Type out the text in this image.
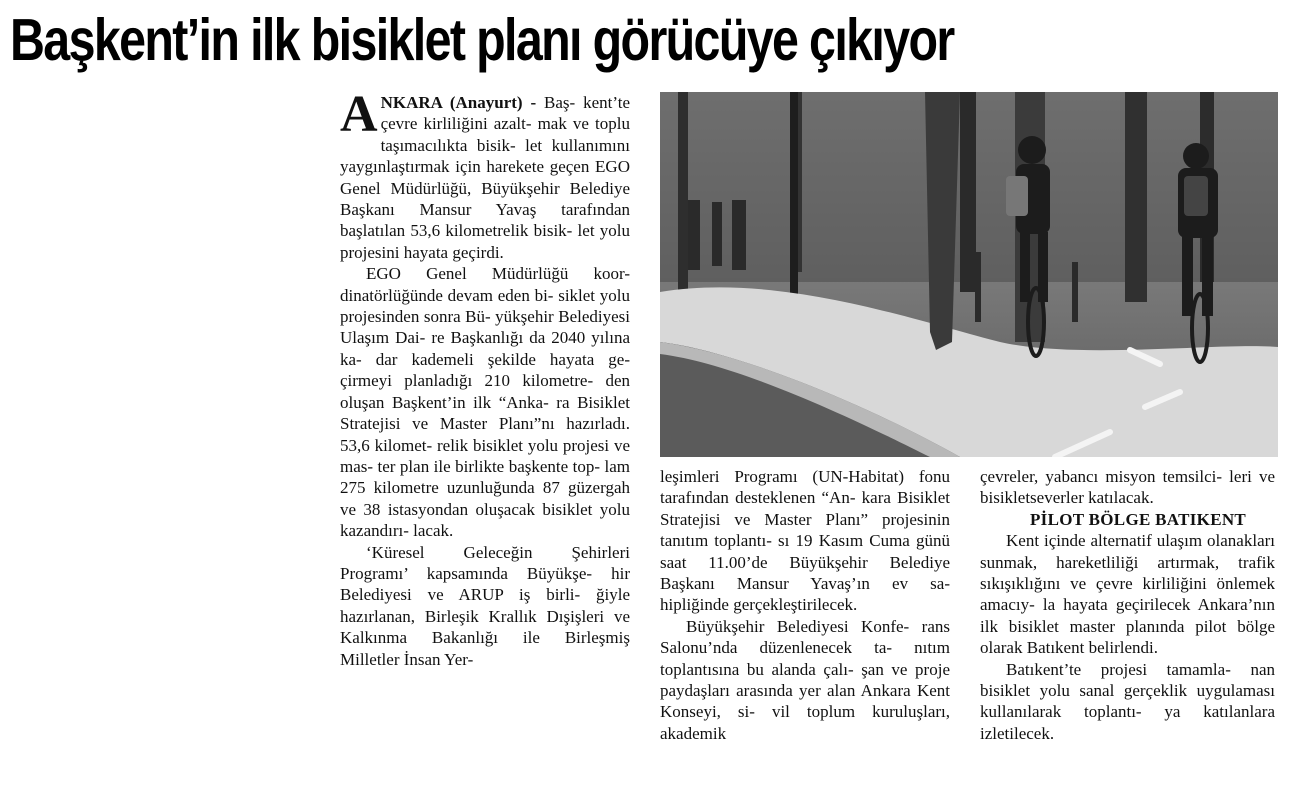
Başkent’in ilk bisiklet planı görücüye çıkıyor

A NKARA (Anayurt) - Baş- kent’te çevre kirliliğini azalt- mak ve toplu taşımacılıkta bisik- let kullanımını yaygınlaştırmak için harekete geçen EGO Genel Müdürlüğü, Büyükşehir Belediye Başkanı Mansur Yavaş tarafından başlatılan 53,6 kilometrelik bisik- let yolu projesini hayata geçirdi.

EGO Genel Müdürlüğü koor- dinatörlüğünde devam eden bi- siklet yolu projesinden sonra Bü- yükşehir Belediyesi Ulaşım Dai- re Başkanlığı da 2040 yılına ka- dar kademeli şekilde hayata ge- çirmeyi planladığı 210 kilometre- den oluşan Başkent’in ilk “Anka- ra Bisiklet Stratejisi ve Master Planı”nı hazırladı. 53,6 kilomet- relik bisiklet yolu projesi ve mas- ter plan ile birlikte başkente top- lam 275 kilometre uzunluğunda 87 güzergah ve 38 istasyondan oluşacak bisiklet yolu kazandırı- lacak.

‘Küresel Geleceğin Şehirleri Programı’ kapsamında Büyükşe- hir Belediyesi ve ARUP iş birli- ğiyle hazırlanan, Birleşik Krallık Dışişleri ve Kalkınma Bakanlığı ile Birleşmiş Milletler İnsan Yer-

leşimleri Programı (UN-Habitat) fonu tarafından desteklenen “An- kara Bisiklet Stratejisi ve Master Planı” projesinin tanıtım toplantı- sı 19 Kasım Cuma günü saat 11.00’de Büyükşehir Belediye Başkanı Mansur Yavaş’ın ev sa- hipliğinde gerçekleştirilecek.

Büyükşehir Belediyesi Konfe- rans Salonu’nda düzenlenecek ta- nıtım toplantısına bu alanda çalı- şan ve proje paydaşları arasında yer alan Ankara Kent Konseyi, si- vil toplum kuruluşları, akademik

çevreler, yabancı misyon temsilci- leri ve bisikletseverler katılacak.

PİLOT BÖLGE BATIKENT

Kent içinde alternatif ulaşım olanakları sunmak, hareketliliği artırmak, trafik sıkışıklığını ve çevre kirliliğini önlemek amacıy- la hayata geçirilecek Ankara’nın ilk bisiklet master planında pilot bölge olarak Batıkent belirlendi.

Batıkent’te projesi tamamla- nan bisiklet yolu sanal gerçeklik uygulaması kullanılarak toplantı- ya katılanlara izletilecek.
